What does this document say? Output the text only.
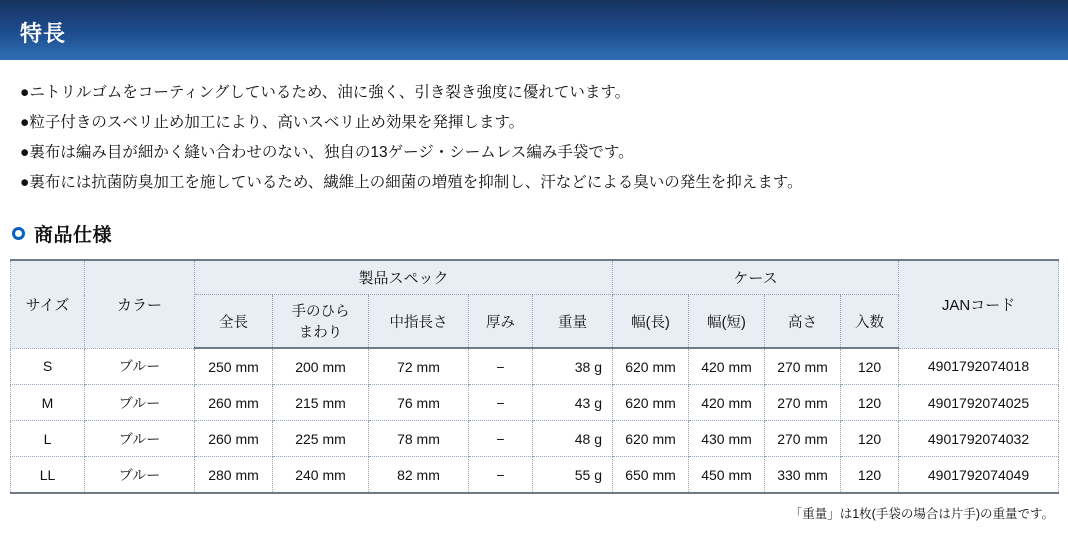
特長
●ニトリルゴムをコーティングしているため、油に強く、引き裂き強度に優れています。
●粒子付きのスベリ止め加工により、高いスベリ止め効果を発揮します。
●裏布は編み目が細かく縫い合わせのない、独自の13ゲージ・シームレス編み手袋です。
●裏布には抗菌防臭加工を施しているため、繊維上の細菌の増殖を抑制し、汗などによる臭いの発生を抑えます。
商品仕様
サイズ	カラー	製品スペック					ケース				JANコード
		全長	手のひら
まわり	中指長さ	厚み	重量	幅(長)	幅(短)	高さ	入数	
S	ブルー	250 mm	200 mm	72 mm	−	38 g	620 mm	420 mm	270 mm	120	4901792074018
M	ブルー	260 mm	215 mm	76 mm	−	43 g	620 mm	420 mm	270 mm	120	4901792074025
L	ブルー	260 mm	225 mm	78 mm	−	48 g	620 mm	430 mm	270 mm	120	4901792074032
LL	ブルー	280 mm	240 mm	82 mm	−	55 g	650 mm	450 mm	330 mm	120	4901792074049
「重量」は1枚(手袋の場合は片手)の重量です。
